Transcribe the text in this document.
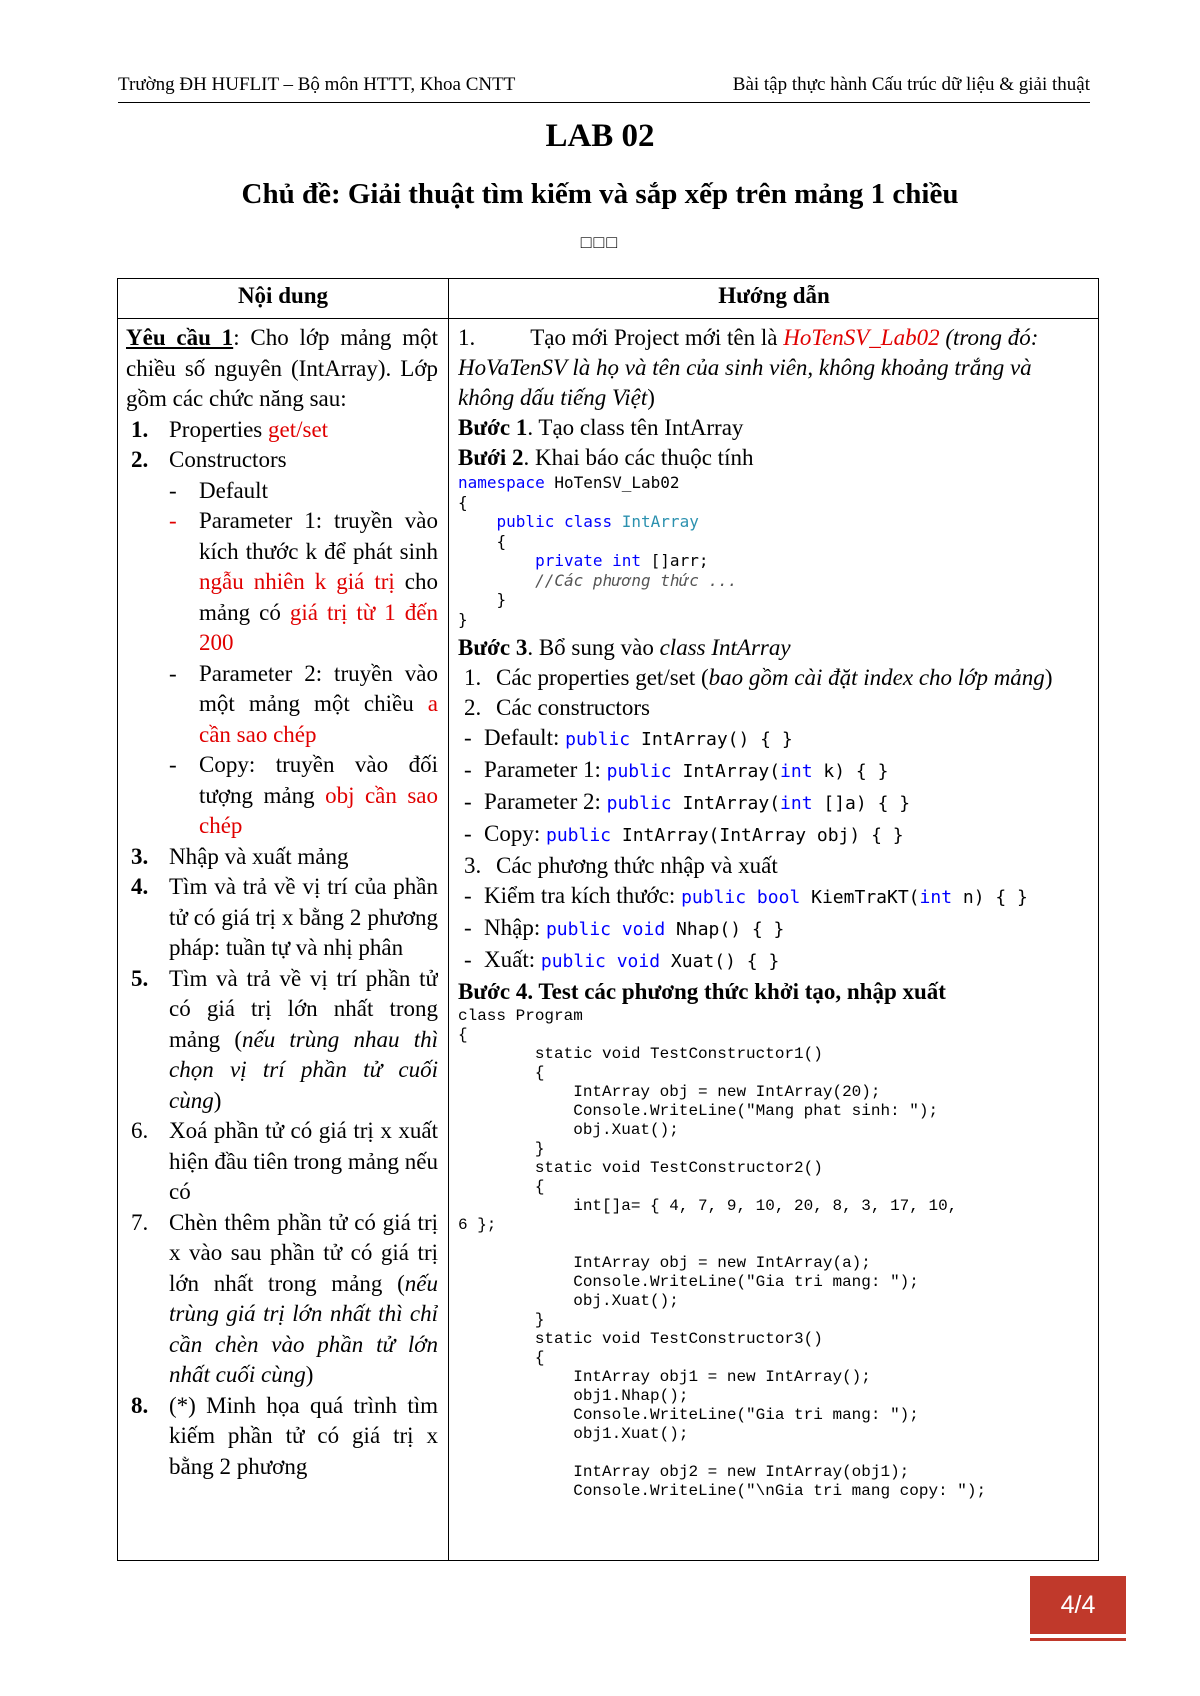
Trường ĐH HUFLIT – Bộ môn HTTT, Khoa CNTT	Bài tập thực hành Cấu trúc dữ liệu & giải thuật
LAB 02
Chủ đề: Giải thuật tìm kiếm và sắp xếp trên mảng 1 chiều
□□□
Nội dung	Hướng dẫn
Yêu cầu 1: Cho lớp mảng một chiều số nguyên (IntArray). Lớp gồm các chức năng sau:
1. Properties get/set
2. Constructors
- Default
- Parameter 1: truyền vào kích thước k để phát sinh ngẫu nhiên k giá trị cho mảng có giá trị từ 1 đến 200
- Parameter 2: truyền vào một mảng một chiều a cần sao chép
- Copy: truyền vào đối tượng mảng obj cần sao chép
3. Nhập và xuất mảng
4. Tìm và trả về vị trí của phần tử có giá trị x bằng 2 phương pháp: tuần tự và nhị phân
5. Tìm và trả về vị trí phần tử có giá trị lớn nhất trong mảng (nếu trùng nhau thì chọn vị trí phần tử cuối cùng)
6. Xoá phần tử có giá trị x xuất hiện đầu tiên trong mảng nếu có
7. Chèn thêm phần tử có giá trị x vào sau phần tử có giá trị lớn nhất trong mảng (nếu trùng giá trị lớn nhất thì chỉ cần chèn vào phần tử lớn nhất cuối cùng)
8. (*) Minh họa quá trình tìm kiếm phần tử có giá trị x bằng 2 phương
1. Tạo mới Project mới tên là HoTenSV_Lab02 (trong đó: HoVaTenSV là họ và tên của sinh viên, không khoảng trắng và không dấu tiếng Việt)
Bước 1. Tạo class tên IntArray
Bưới 2. Khai báo các thuộc tính
namespace HoTenSV_Lab02
{
public class IntArray
{
private int []arr;
//Các phương thức ...
}
}
Bước 3. Bổ sung vào class IntArray
1. Các properties get/set (bao gồm cài đặt index cho lớp mảng)
2. Các constructors
- Default: public IntArray() { }
- Parameter 1: public IntArray(int k) { }
- Parameter 2: public IntArray(int []a) { }
- Copy: public IntArray(IntArray obj) { }
3. Các phương thức nhập và xuất
- Kiểm tra kích thước: public bool KiemTraKT(int n) { }
- Nhập: public void Nhap() { }
- Xuất: public void Xuat() { }
Bước 4. Test các phương thức khởi tạo, nhập xuất
class Program
{
static void TestConstructor1()
{
IntArray obj = new IntArray(20);
Console.WriteLine("Mang phat sinh: ");
obj.Xuat();
}
static void TestConstructor2()
{
int[]a= { 4, 7, 9, 10, 20, 8, 3, 17, 10,
6 };

IntArray obj = new IntArray(a);
Console.WriteLine("Gia tri mang: ");
obj.Xuat();
}
static void TestConstructor3()
{
IntArray obj1 = new IntArray();
obj1.Nhap();
Console.WriteLine("Gia tri mang: ");
obj1.Xuat();

IntArray obj2 = new IntArray(obj1);
Console.WriteLine("\nGia tri mang copy: ");
4/4
